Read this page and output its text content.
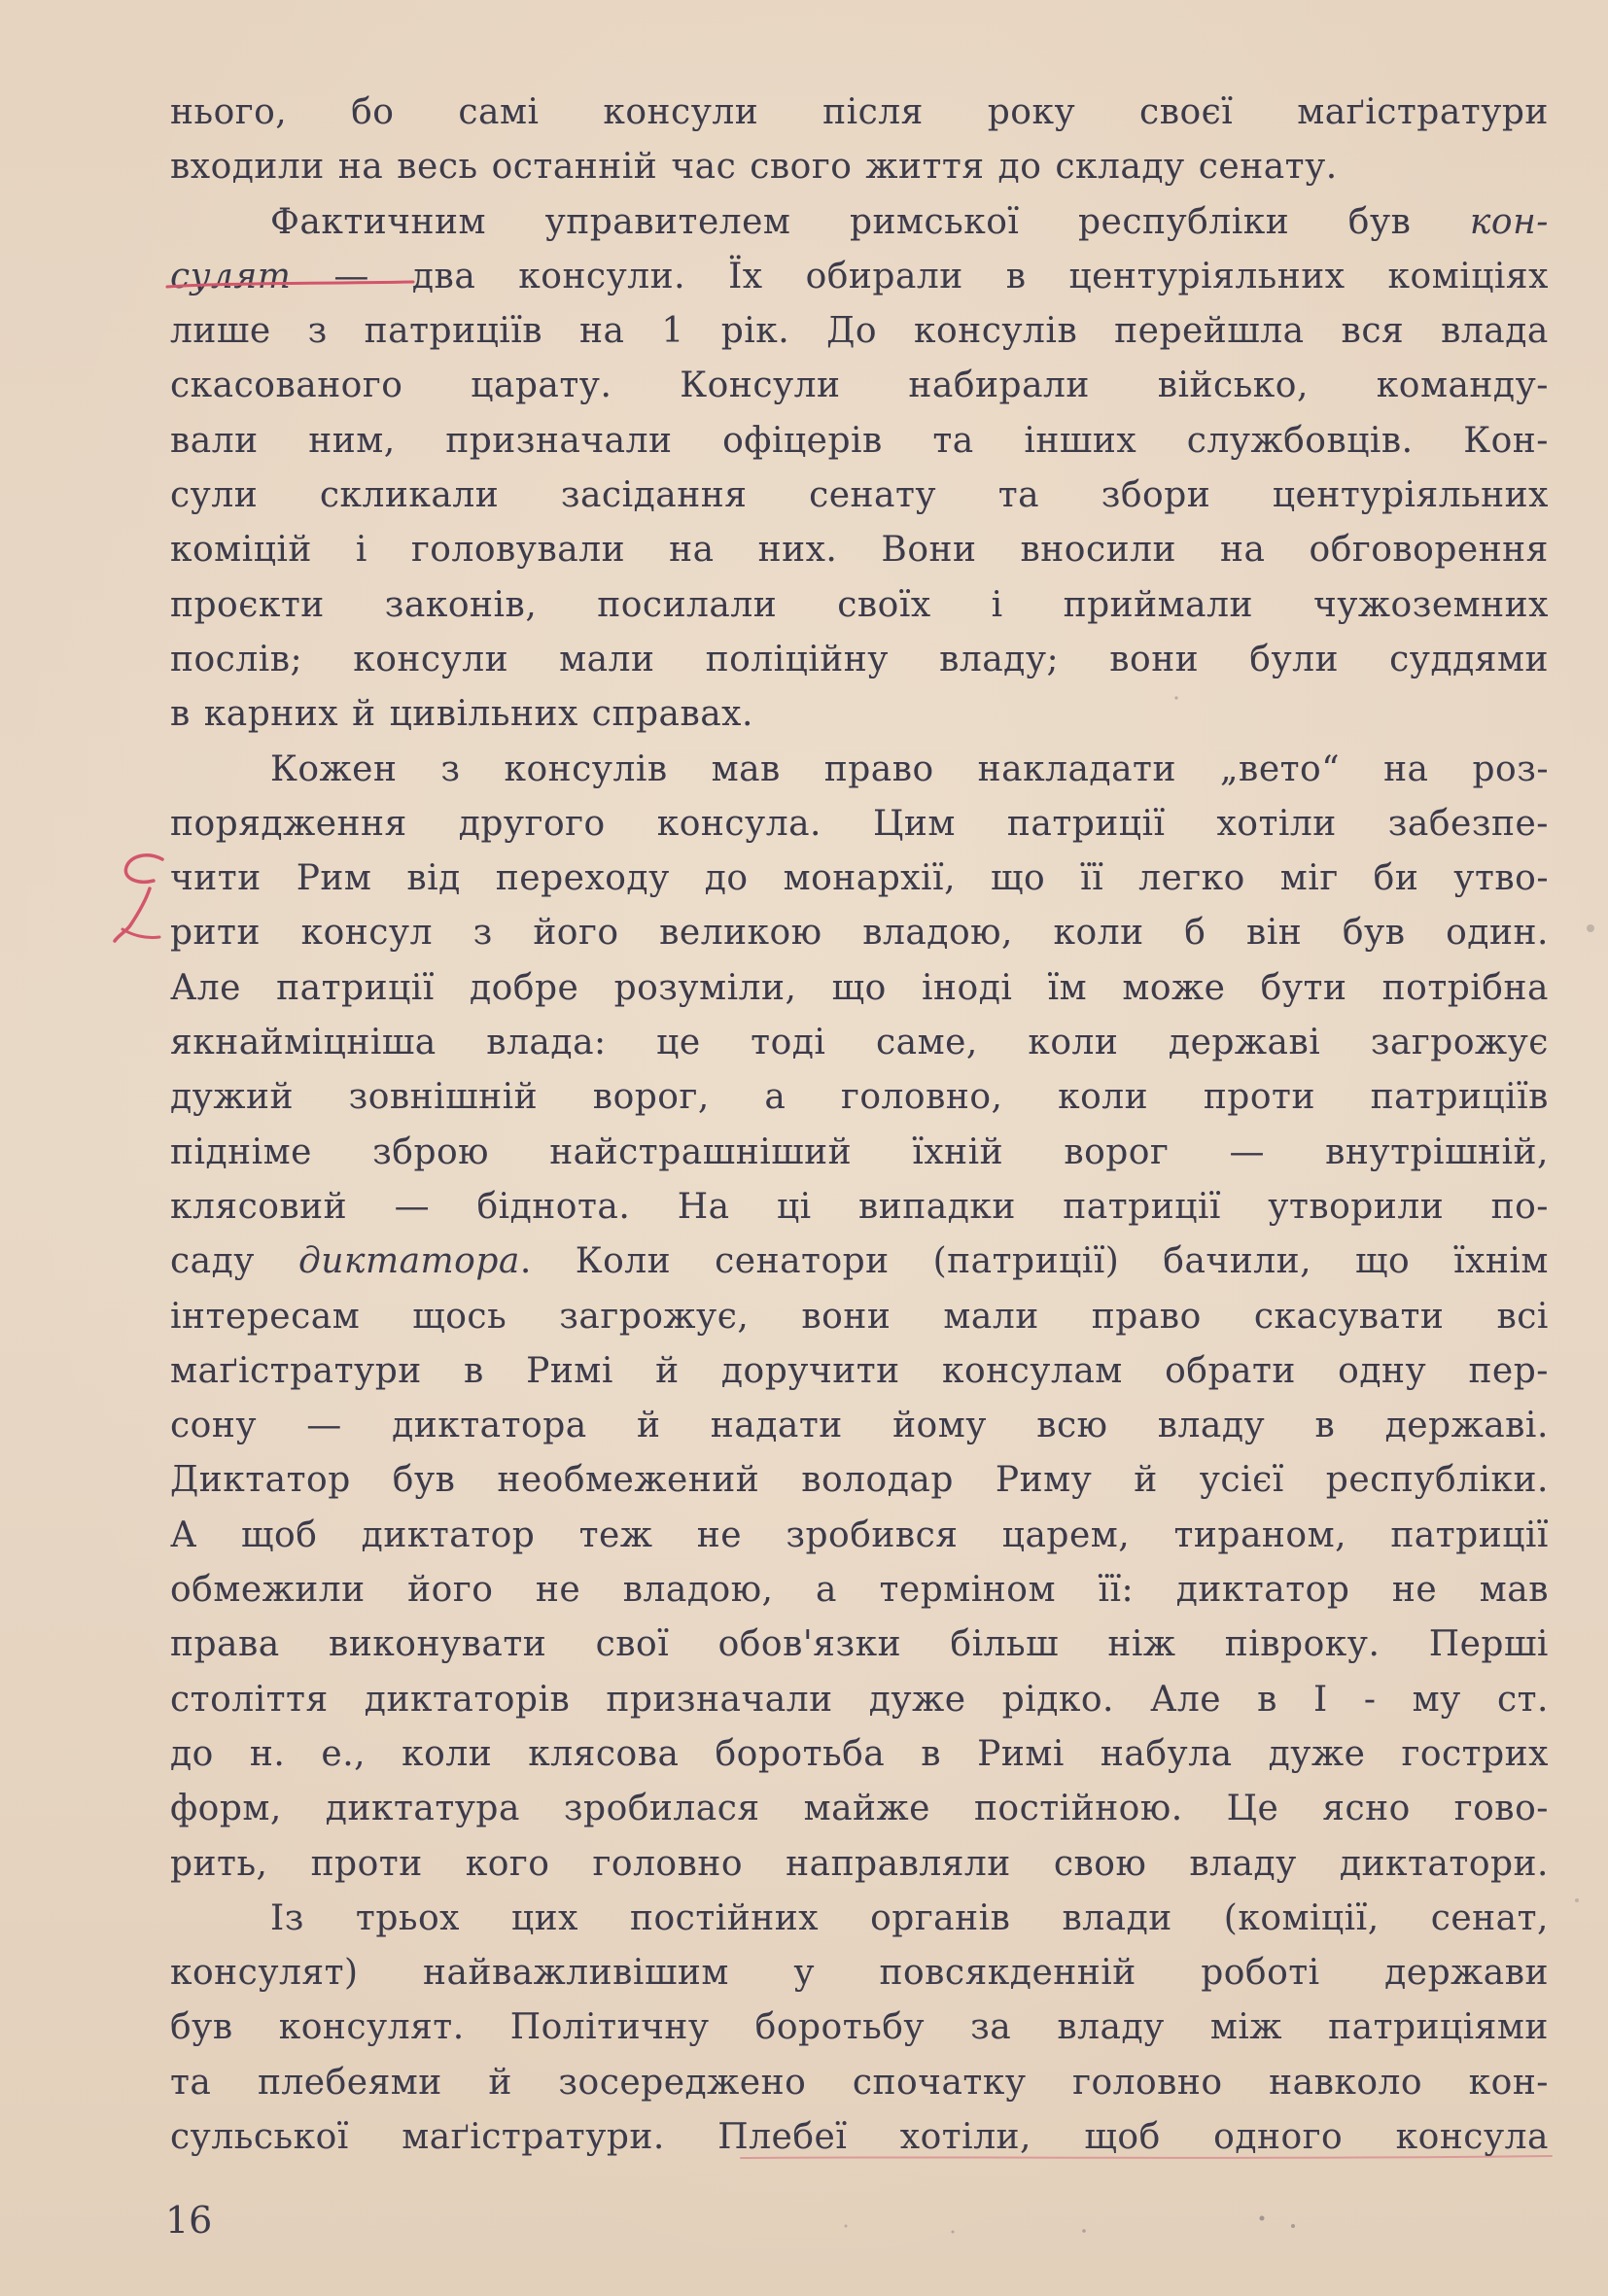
нього, бо самі консули після року своєї маґістратури
входили на весь останній час свого життя до складу сенату.
Фактичним управителем римської республіки був кон-
сулят — два консули. Їх обирали в центуріяльних коміціях
лише з патриціїв на 1 рік. До консулів перейшла вся влада
скасованого царату. Консули набирали військо, команду-
вали ним, призначали офіцерів та інших службовців. Кон-
сули скликали засідання сенату та збори центуріяльних
коміцій і головували на них. Вони вносили на обговорення
проєкти законів, посилали своїх і приймали чужоземних
послів; консули мали поліційну владу; вони були суддями
в карних й цивільних справах.
Кожен з консулів мав право накладати „вето“ на роз-
порядження другого консула. Цим патриції хотіли забезпе-
чити Рим від переходу до монархії, що її легко міг би утво-
рити консул з його великою владою, коли б він був один.
Але патриції добре розуміли, що іноді їм може бути потрібна
якнайміцніша влада: це тоді саме, коли державі загрожує
дужий зовнішній ворог, а головно, коли проти патриціїв
підніме зброю найстрашніший їхній ворог — внутрішній,
клясовий — біднота. На ці випадки патриції утворили по-
саду диктатора. Коли сенатори (патриції) бачили, що їхнім
інтересам щось загрожує, вони мали право скасувати всі
маґістратури в Римі й доручити консулам обрати одну пер-
сону — диктатора й надати йому всю владу в державі.
Диктатор був необмежений володар Риму й усієї республіки.
А щоб диктатор теж не зробився царем, тираном, патриції
обмежили його не владою, а терміном її: диктатор не мав
права виконувати свої обов'язки більш ніж півроку. Перші
століття диктаторів призначали дуже рідко. Але в I - му ст.
до н. е., коли клясова боротьба в Римі набула дуже гострих
форм, диктатура зробилася майже постійною. Це ясно гово-
рить, проти кого головно направляли свою владу диктатори.
Із трьох цих постійних органів влади (коміції, сенат,
консулят) найважливішим у повсякденній роботі держави
був консулят. Політичну боротьбу за владу між патриціями
та плебеями й зосереджено спочатку головно навколо кон-
сульської маґістратури. Плебеї хотіли, щоб одного консула
16
